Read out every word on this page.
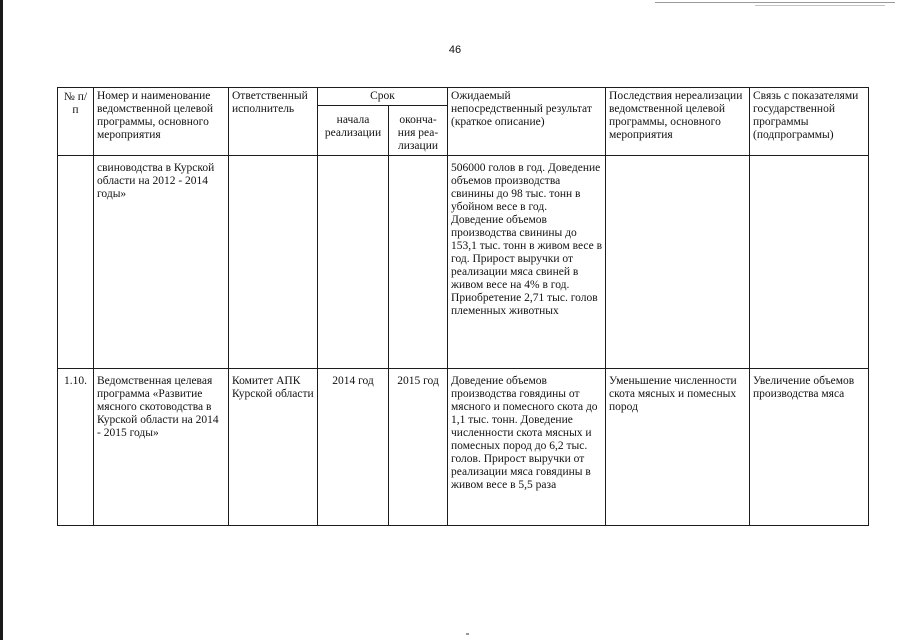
46
№ п/п	Номер и наименование ведомственной целевой программы, основного мероприятия	Ответственный исполнитель	Срок		Ожидаемый непосредственный результат (краткое описание)	Последствия нереализации ведомственной целевой программы, основного мероприятия	Связь с показателями государственной программы (подпрограммы)
			начала реализации	оконча-ния реа-лизации			
	свиноводства в Курской области на 2012 - 2014 годы»				506000 голов в год. Доведение объемов производства свинины до 98 тыс. тонн в убойном весе в год. Доведение объемов производства свинины до 153,1 тыс. тонн в живом весе в год. Прирост выручки от реализации мяса свиней в живом весе на 4% в год. Приобретение 2,71 тыс. голов племенных животных		
1.10.	Ведомственная целевая программа «Развитие мясного скотоводства в Курской области на 2014 - 2015 годы»	Комитет АПК Курской области	2014 год	2015 год	Доведение объемов производства говядины от мясного и помесного скота до 1,1 тыс. тонн. Доведение численности скота мясных и помесных пород до 6,2 тыс. голов. Прирост выручки от реализации мяса говядины в живом весе в 5,5 раза	Уменьшение численности скота мясных и помесных пород	Увеличение объемов производства мяса
